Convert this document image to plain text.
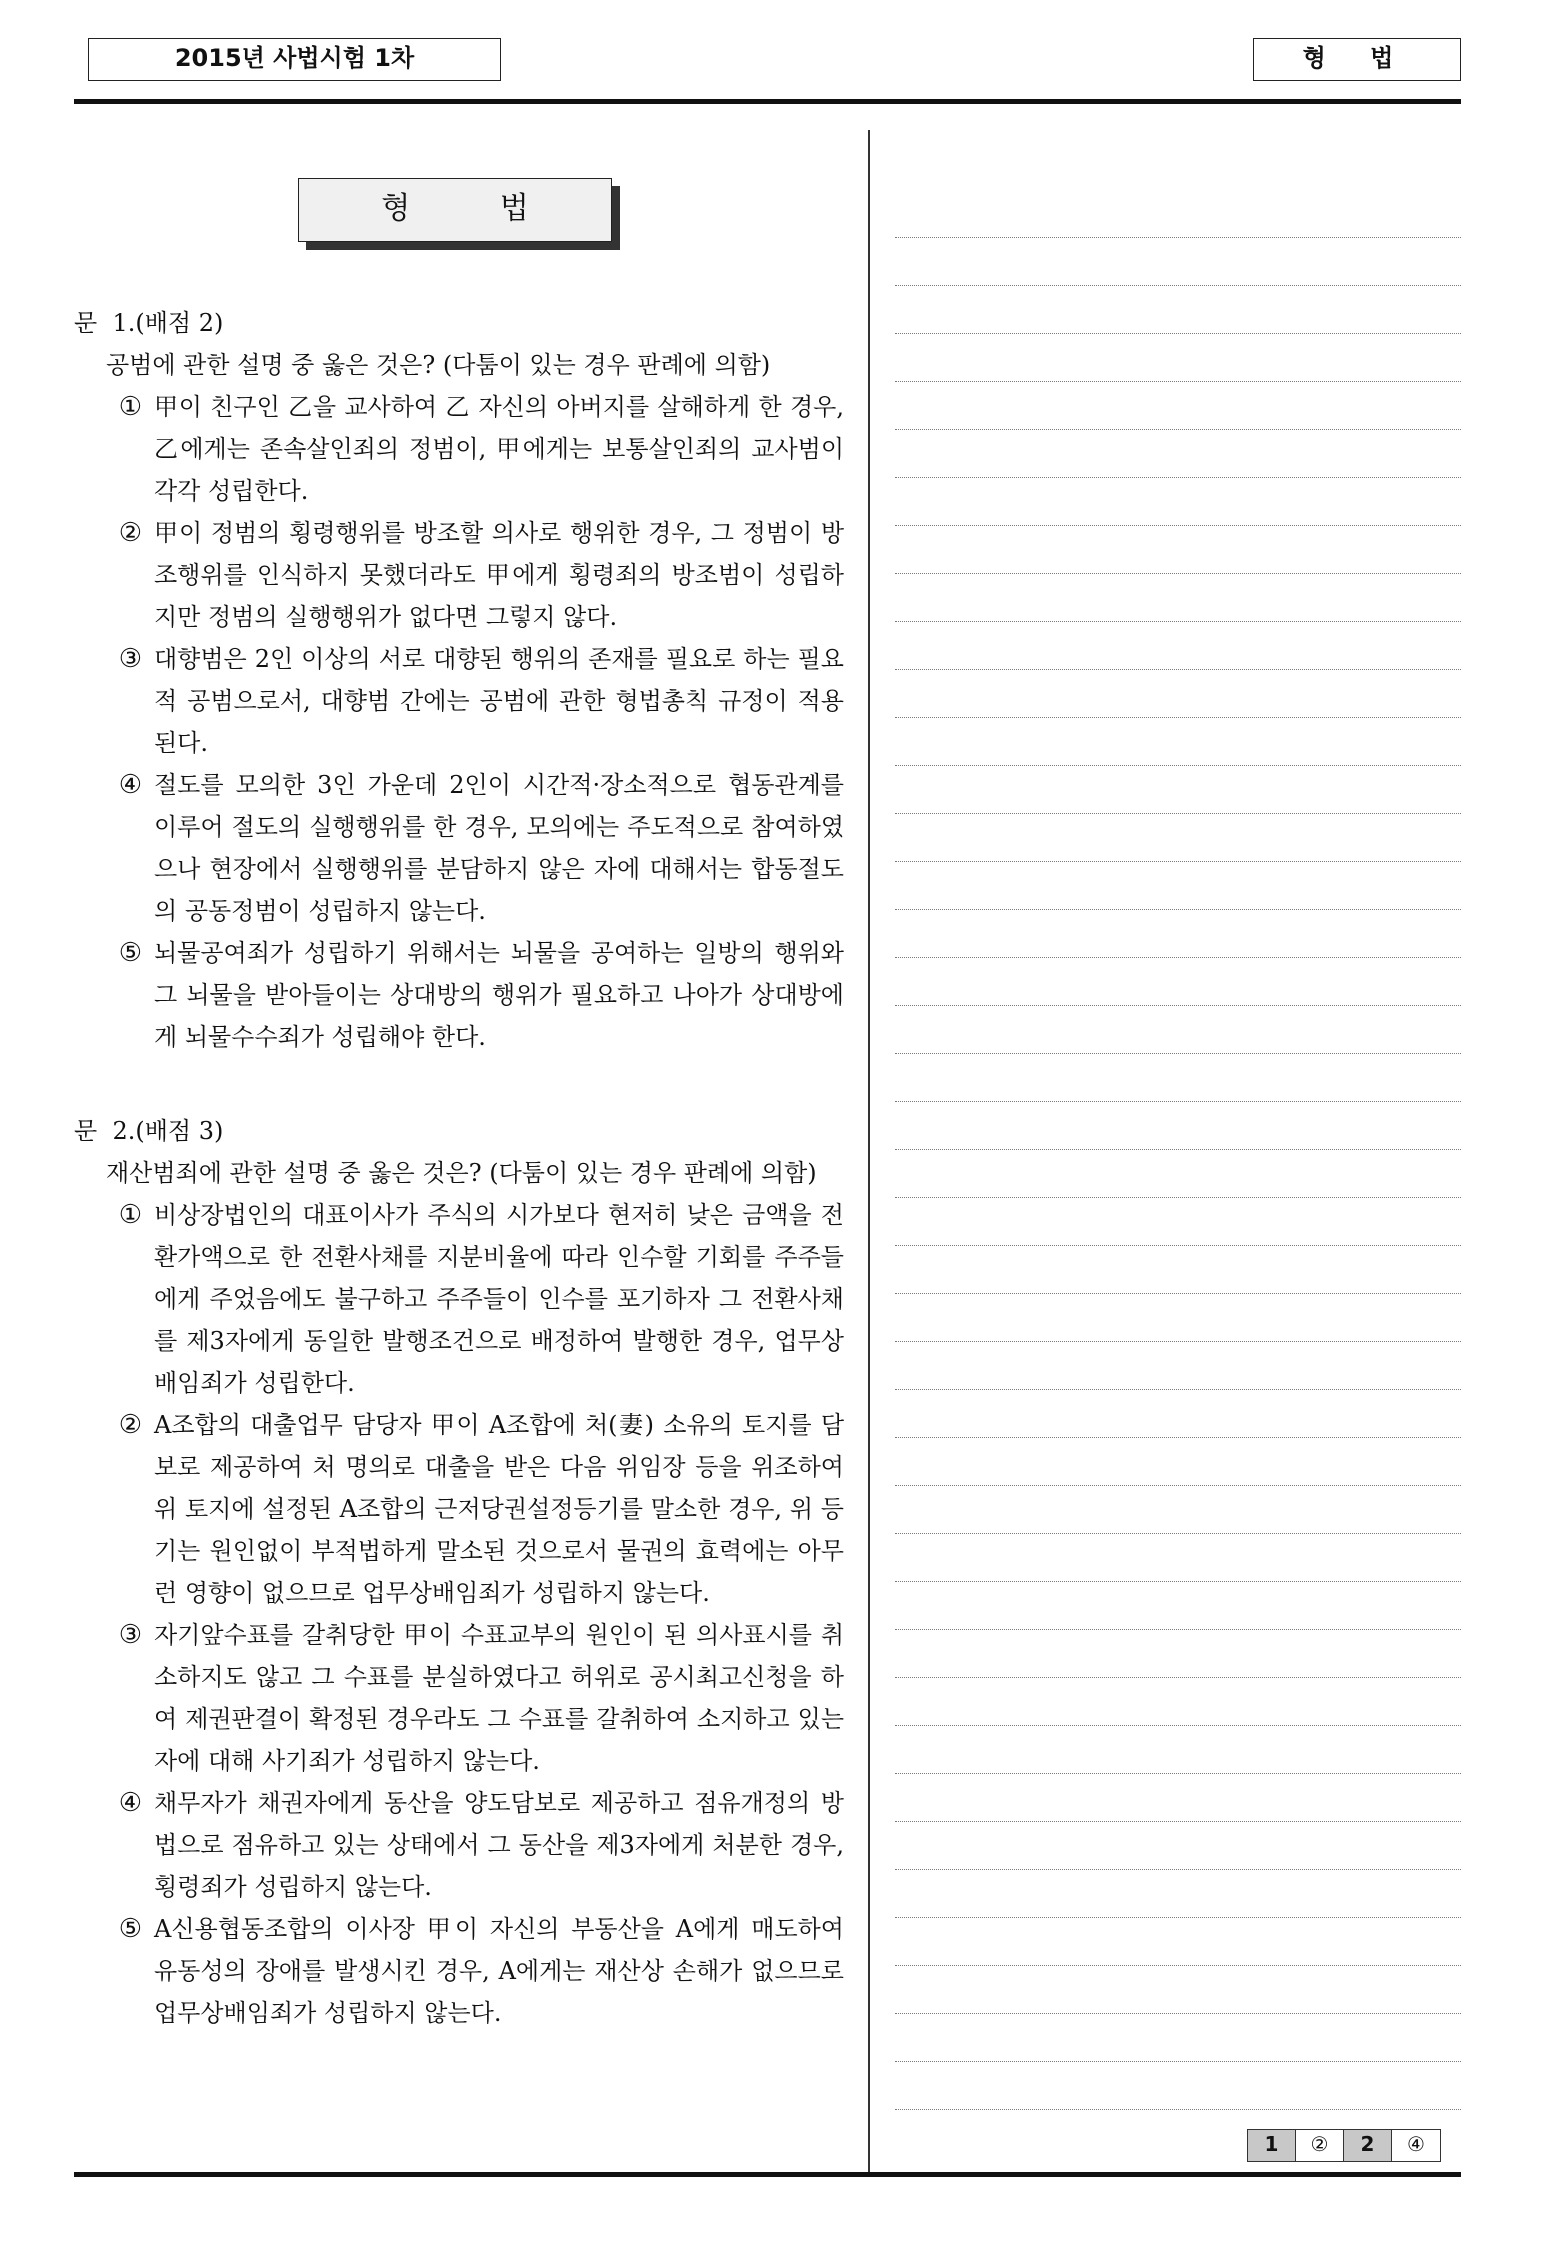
2015년 사법시험 1차	형 법
형 법
문  1.(배점 2)
공범에 관한 설명 중 옳은 것은? (다툼이 있는 경우 판례에 의함)
① 甲이 친구인 乙을 교사하여 乙 자신의 아버지를 살해하게 한 경우, 乙에게는 존속살인죄의 정범이, 甲에게는 보통살인죄의 교사범이 각각 성립한다.
② 甲이 정범의 횡령행위를 방조할 의사로 행위한 경우, 그 정범이 방조행위를 인식하지 못했더라도 甲에게 횡령죄의 방조범이 성립하지만 정범의 실행행위가 없다면 그렇지 않다.
③ 대향범은 2인 이상의 서로 대향된 행위의 존재를 필요로 하는 필요적 공범으로서, 대향범 간에는 공범에 관한 형법총칙 규정이 적용된다.
④ 절도를 모의한 3인 가운데 2인이 시간적·장소적으로 협동관계를 이루어 절도의 실행행위를 한 경우, 모의에는 주도적으로 참여하였으나 현장에서 실행행위를 분담하지 않은 자에 대해서는 합동절도의 공동정범이 성립하지 않는다.
⑤ 뇌물공여죄가 성립하기 위해서는 뇌물을 공여하는 일방의 행위와 그 뇌물을 받아들이는 상대방의 행위가 필요하고 나아가 상대방에게 뇌물수수죄가 성립해야 한다.
문  2.(배점 3)
재산범죄에 관한 설명 중 옳은 것은? (다툼이 있는 경우 판례에 의함)
① 비상장법인의 대표이사가 주식의 시가보다 현저히 낮은 금액을 전환가액으로 한 전환사채를 지분비율에 따라 인수할 기회를 주주들에게 주었음에도 불구하고 주주들이 인수를 포기하자 그 전환사채를 제3자에게 동일한 발행조건으로 배정하여 발행한 경우, 업무상배임죄가 성립한다.
② A조합의 대출업무 담당자 甲이 A조합에 처(妻) 소유의 토지를 담보로 제공하여 처 명의로 대출을 받은 다음 위임장 등을 위조하여 위 토지에 설정된 A조합의 근저당권설정등기를 말소한 경우, 위 등기는 원인없이 부적법하게 말소된 것으로서 물권의 효력에는 아무런 영향이 없으므로 업무상배임죄가 성립하지 않는다.
③ 자기앞수표를 갈취당한 甲이 수표교부의 원인이 된 의사표시를 취소하지도 않고 그 수표를 분실하였다고 허위로 공시최고신청을 하여 제권판결이 확정된 경우라도 그 수표를 갈취하여 소지하고 있는 자에 대해 사기죄가 성립하지 않는다.
④ 채무자가 채권자에게 동산을 양도담보로 제공하고 점유개정의 방법으로 점유하고 있는 상태에서 그 동산을 제3자에게 처분한 경우, 횡령죄가 성립하지 않는다.
⑤ A신용협동조합의 이사장 甲이 자신의 부동산을 A에게 매도하여 유동성의 장애를 발생시킨 경우, A에게는 재산상 손해가 없으므로 업무상배임죄가 성립하지 않는다.
1	②	2	④
